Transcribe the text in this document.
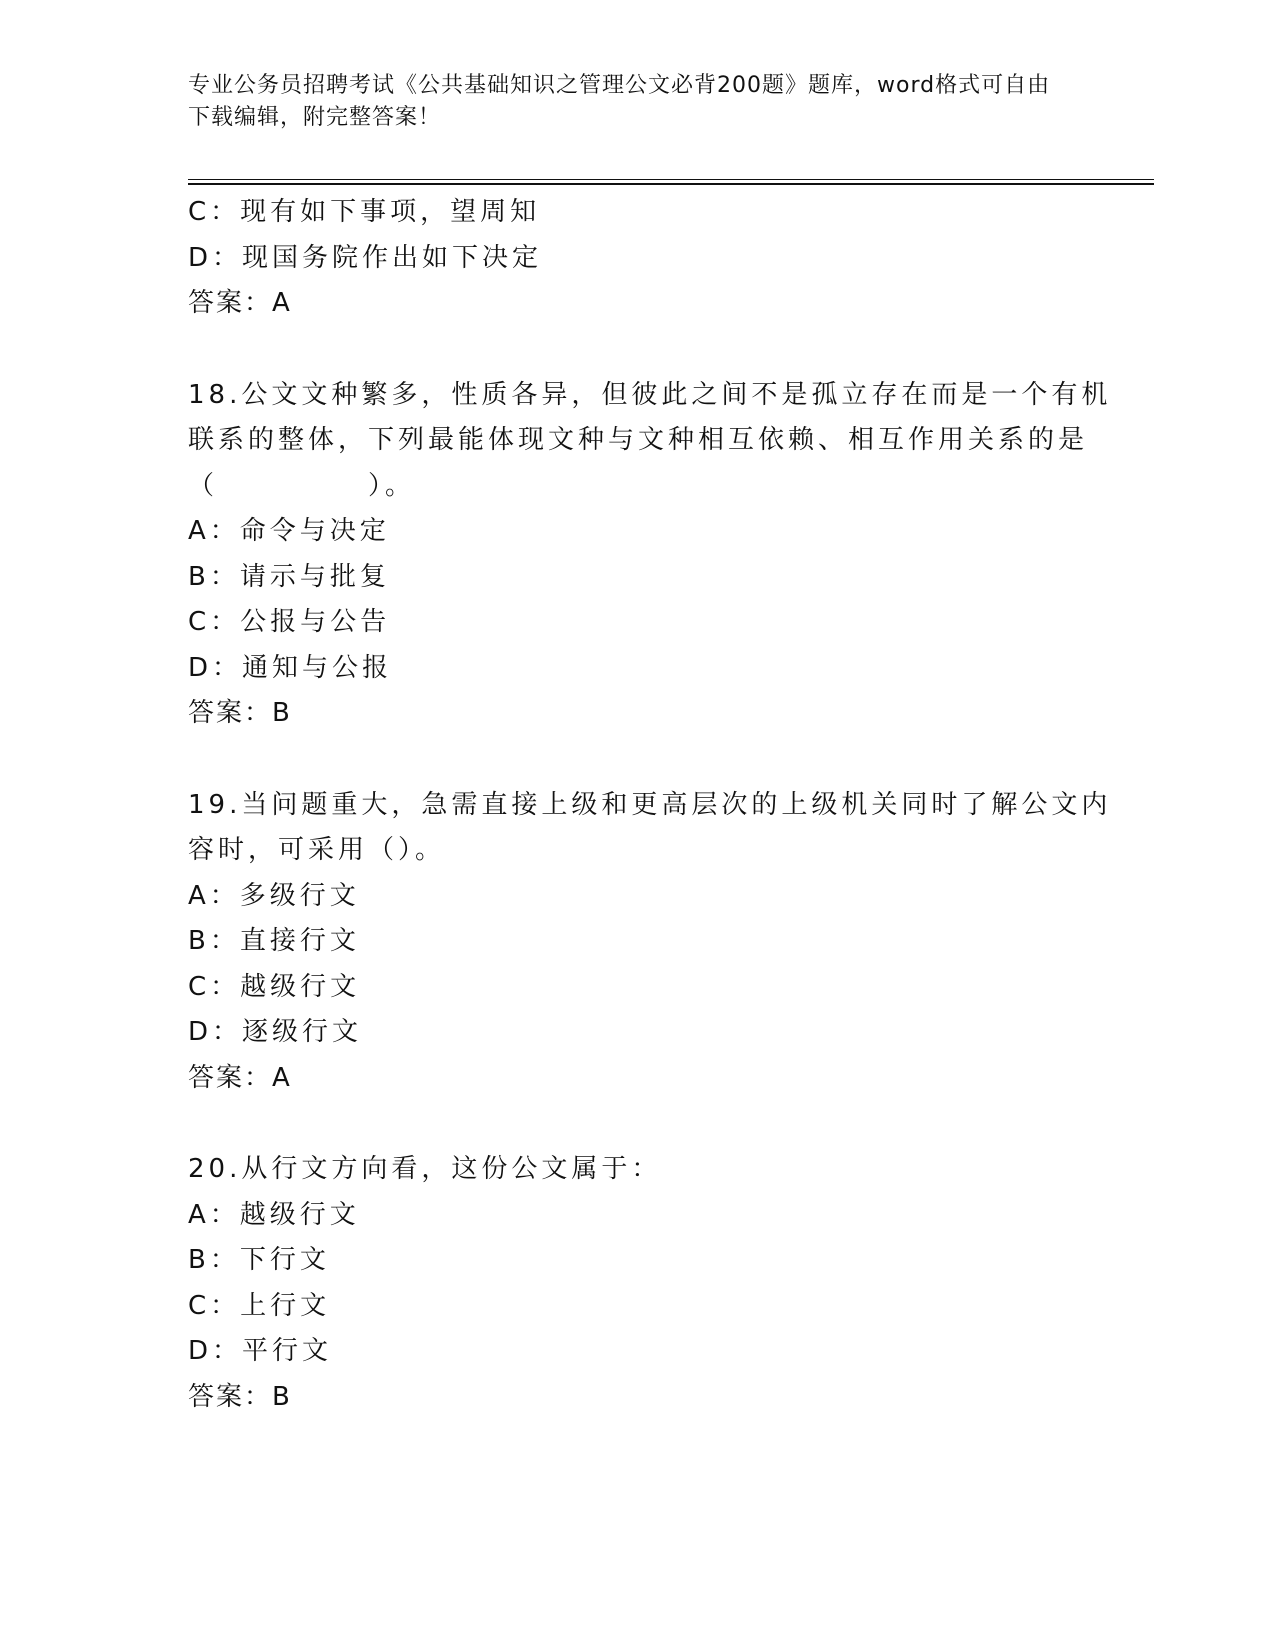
专业公务员招聘考试《公共基础知识之管理公文必背200题》题库，word格式可自由下载编辑，附完整答案！
C：现有如下事项，望周知
D：现国务院作出如下决定
答案：A
18.公文文种繁多，性质各异，但彼此之间不是孤立存在而是一个有机
联系的整体，下列最能体现文种与文种相互依赖、相互作用关系的是
（　　　　　）。
A：命令与决定
B：请示与批复
C：公报与公告
D：通知与公报
答案：B
19.当问题重大，急需直接上级和更高层次的上级机关同时了解公文内
容时，可采用（）。
A：多级行文
B：直接行文
C：越级行文
D：逐级行文
答案：A
20.从行文方向看，这份公文属于：
A：越级行文
B：下行文
C：上行文
D：平行文
答案：B
